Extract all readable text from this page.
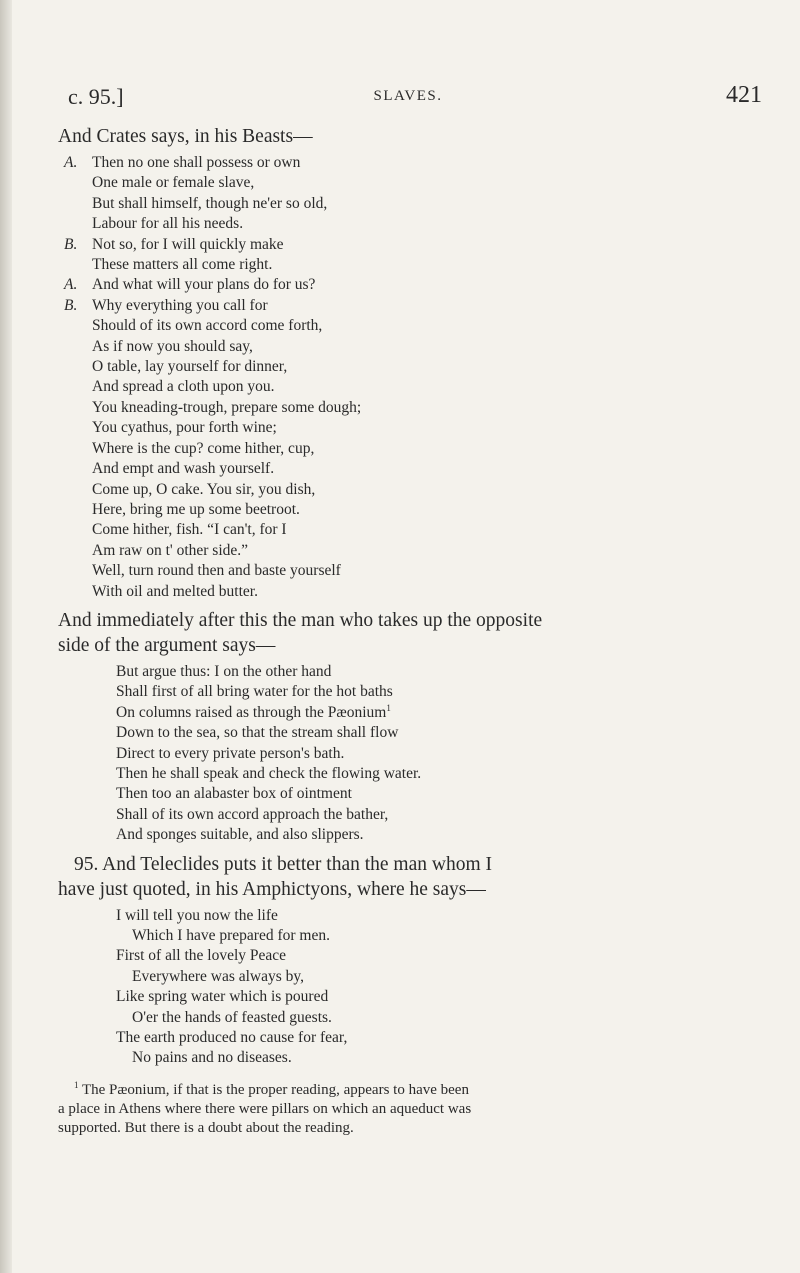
c. 95.]	SLAVES.	421

And Crates says, in his Beasts—

A. Then no one shall possess or own
One male or female slave,
But shall himself, though ne'er so old,
Labour for all his needs.
B. Not so, for I will quickly make
These matters all come right.
A. And what will your plans do for us?
B. Why everything you call for
Should of its own accord come forth,
As if now you should say,
O table, lay yourself for dinner,
And spread a cloth upon you.
You kneading-trough, prepare some dough;
You cyathus, pour forth wine;
Where is the cup? come hither, cup,
And empt and wash yourself.
Come up, O cake. You sir, you dish,
Here, bring me up some beetroot.
Come hither, fish. “I can't, for I
Am raw on t' other side.”
Well, turn round then and baste yourself
With oil and melted butter.

And immediately after this the man who takes up the opposite
side of the argument says—

But argue thus: I on the other hand
Shall first of all bring water for the hot baths
On columns raised as through the Pæonium$^1$
Down to the sea, so that the stream shall flow
Direct to every private person's bath.
Then he shall speak and check the flowing water.
Then too an alabaster box of ointment
Shall of its own accord approach the bather,
And sponges suitable, and also slippers.

95. And Teleclides puts it better than the man whom I
have just quoted, in his Amphictyons, where he says—

I will tell you now the life
Which I have prepared for men.
First of all the lovely Peace
Everywhere was always by,
Like spring water which is poured
O'er the hands of feasted guests.
The earth produced no cause for fear,
No pains and no diseases.
$^1$ The Pæonium, if that is the proper reading, appears to have been
a place in Athens where there were pillars on which an aqueduct was
supported. But there is a doubt about the reading.
